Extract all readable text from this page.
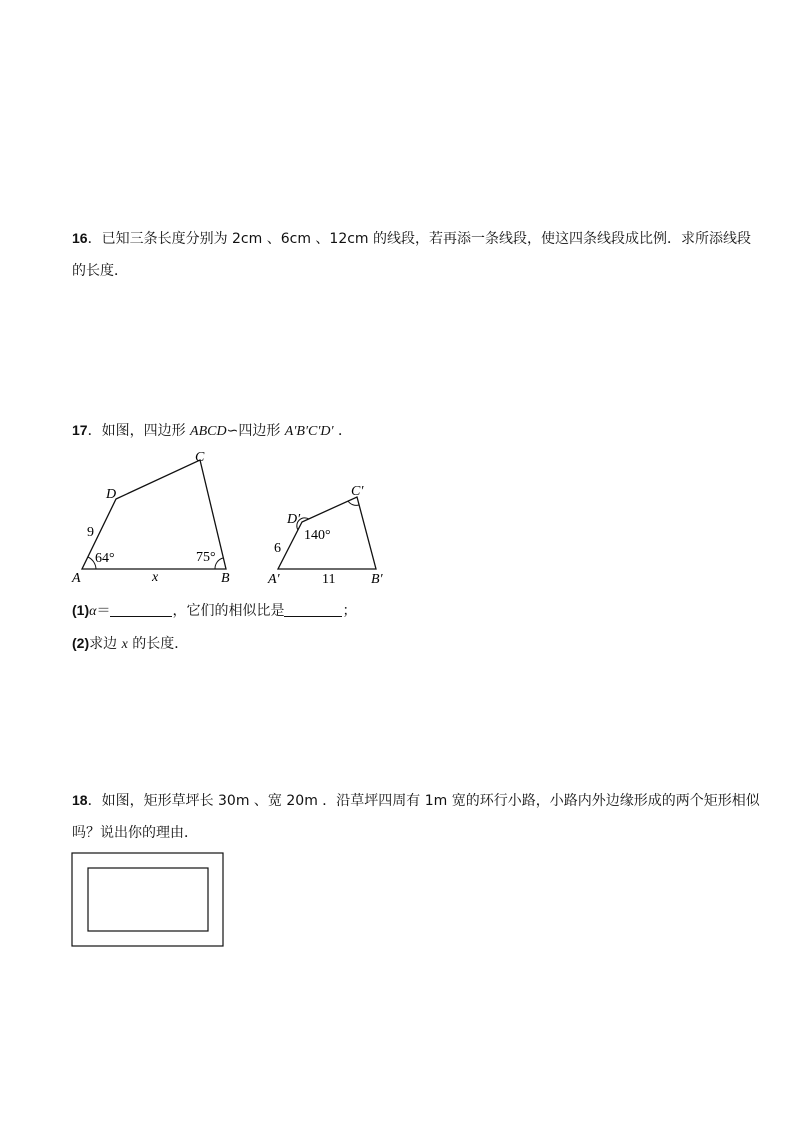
16．已知三条长度分别为 2cm 、6cm 、12cm 的线段，若再添一条线段，使这四条线段成比例．求所添线段
的长度．
17．如图，四边形 ABCD∽四边形 A′B′C′D′ ．
A	B
C
D
9
x
64°	75°
A′	B′
C′
D′
6
11
140°
(1)α＝	，它们的相似比是	；
(2)求边 x 的长度．
18．如图，矩形草坪长 30m 、宽 20m ．沿草坪四周有 1m 宽的环行小路，小路内外边缘形成的两个矩形相似
吗？说出你的理由．
